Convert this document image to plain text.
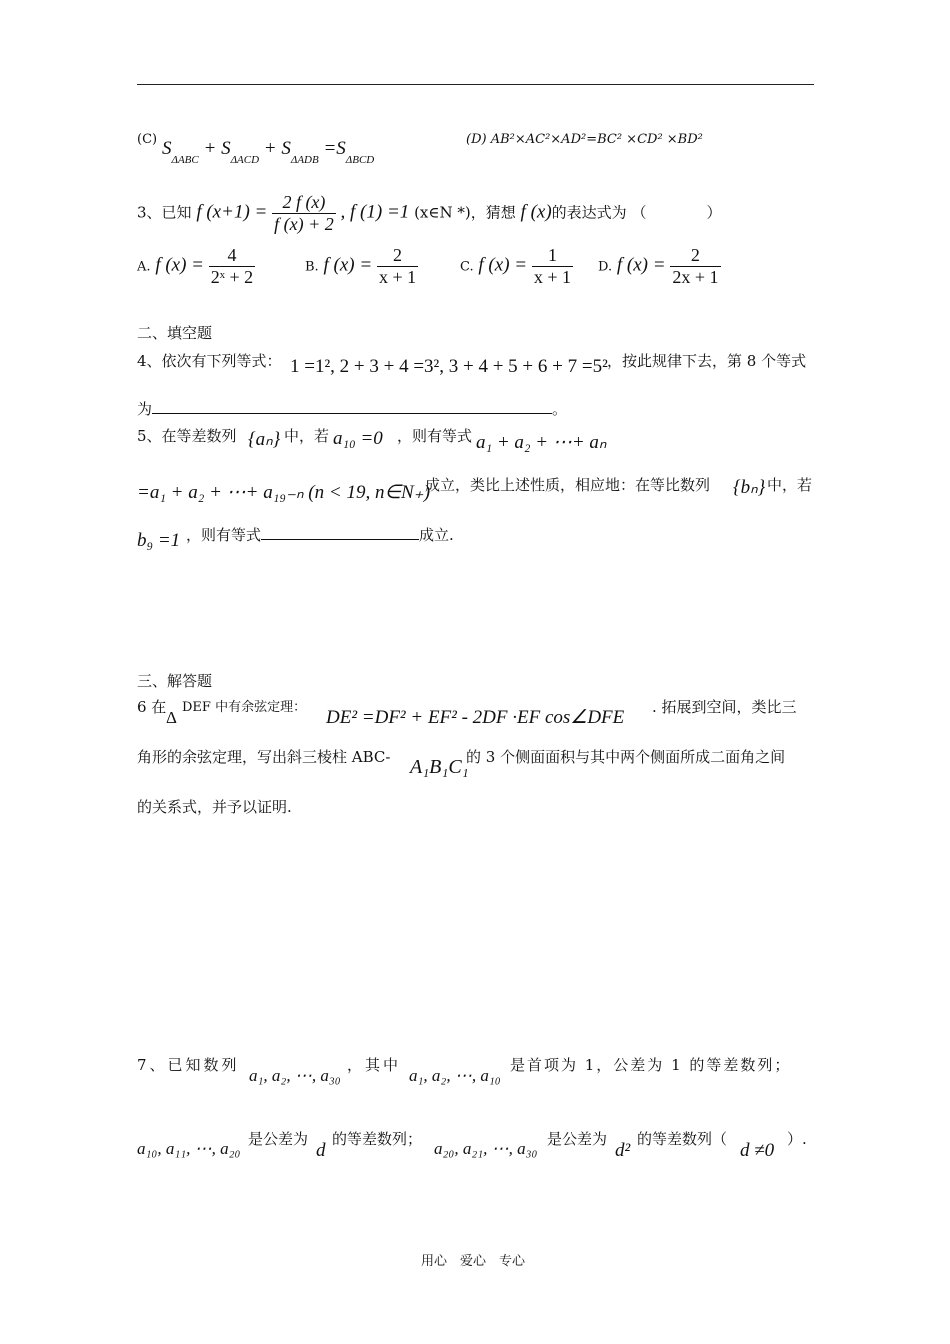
(C) $S_{\Delta ABC} + S_{\Delta ACD} + S_{\Delta ADB} =S_{\Delta BCD}$
(D) AB²×AC²×AD²=BC² ×CD² ×BD²
3、已知 f $(x+1) = \frac{2 f (x)}{f (x) + 2}$ , f (1) =1 (x∈N *)，猜想 f (x)的表达式为 （　　　　）
A. f $(x) = \frac{4}{\text{2ˣ + 2}}$	B. f $(x) = \frac{2}{x + 1}$	C. f $(x) = \frac{1}{x + 1} D$. f $(x) = \frac{2}{2x + 1}$
二、填空题
4、依次有下列等式： 1 =1², 2 + 3 + 4 =3², 3 + 4 + 5 + 6 + 7 =5² ，按此规律下去，第 8 个等式
为	。
5、在等差数列 {aₙ} 中，若 a₁₀ =0 ，则有等式 a₁ + a₂ + ⋯+ aₙ
=a₁ + a₂ + ⋯+ a₁₉₋ₙ (n < 19, n∈N₊)
成立，类比上述性质，相应地：在等比数列 {bₙ} 中，若
b₉ =1 ，则有等式	成立.
三、解答题
6 在
Δ
DEF 中有余弦定理： DE² =DF² + EF² - 2DF ·EF cos∠DFE . 拓展到空间，类比三
角形的余弦定理，写出斜三棱柱 ABC- A₁B₁C₁
的 3 个侧面面积与其中两个侧面所成二面角之间
的关系式，并予以证明.
7、已知数列
a₁, a₂, ⋯, a₃₀
，其中
a₁, a₂, ⋯, a₁₀
是首项为 1，公差为 1 的等差数列；
a₁₀, a₁₁, ⋯, a₂₀ 是公差为
d
的等差数列； a₂₀, a₂₁, ⋯, a₃₀ 是公差为
d²
的等差数列（
d ≠0
）.
用心　爱心　专心
